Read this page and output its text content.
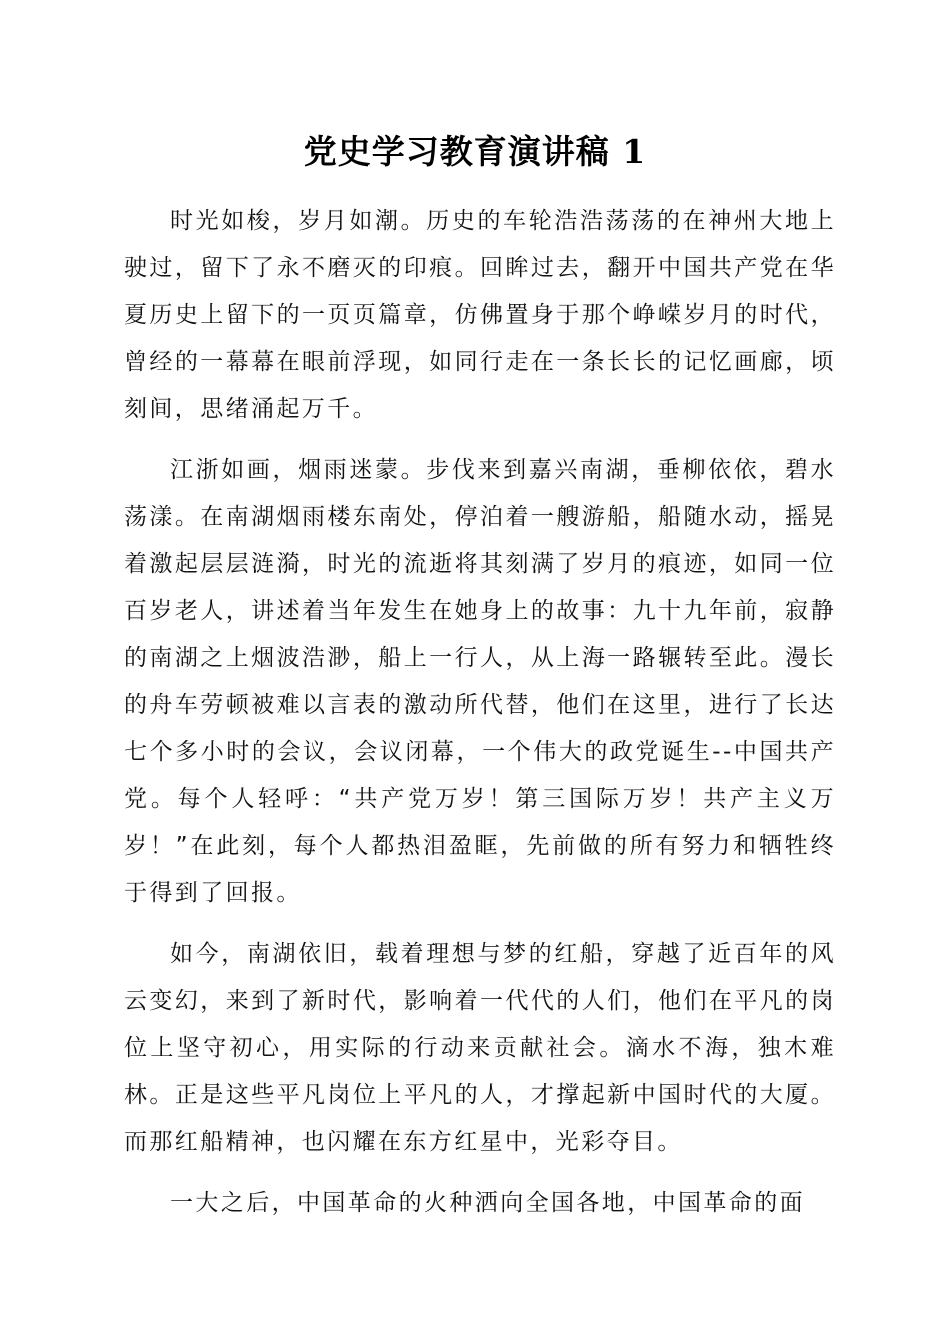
党史学习教育演讲稿 1

时光如梭，岁月如潮。历史的车轮浩浩荡荡的在神州大地上驶过，留下了永不磨灭的印痕。回眸过去，翻开中国共产党在华夏历史上留下的一页页篇章，仿佛置身于那个峥嵘岁月的时代，曾经的一幕幕在眼前浮现，如同行走在一条长长的记忆画廊，顷刻间，思绪涌起万千。

江浙如画，烟雨迷蒙。步伐来到嘉兴南湖，垂柳依依，碧水荡漾。在南湖烟雨楼东南处，停泊着一艘游船，船随水动，摇晃着激起层层涟漪，时光的流逝将其刻满了岁月的痕迹，如同一位百岁老人，讲述着当年发生在她身上的故事：九十九年前，寂静的南湖之上烟波浩渺，船上一行人，从上海一路辗转至此。漫长的舟车劳顿被难以言表的激动所代替，他们在这里，进行了长达七个多小时的会议，会议闭幕，一个伟大的政党诞生--中国共产党。每个人轻呼：“共产党万岁！第三国际万岁！共产主义万岁！”在此刻，每个人都热泪盈眶，先前做的所有努力和牺牲终于得到了回报。

如今，南湖依旧，载着理想与梦的红船，穿越了近百年的风云变幻，来到了新时代，影响着一代代的人们，他们在平凡的岗位上坚守初心，用实际的行动来贡献社会。滴水不海，独木难林。正是这些平凡岗位上平凡的人，才撑起新中国时代的大厦。而那红船精神，也闪耀在东方红星中，光彩夺目。

一大之后，中国革命的火种洒向全国各地，中国革命的面
